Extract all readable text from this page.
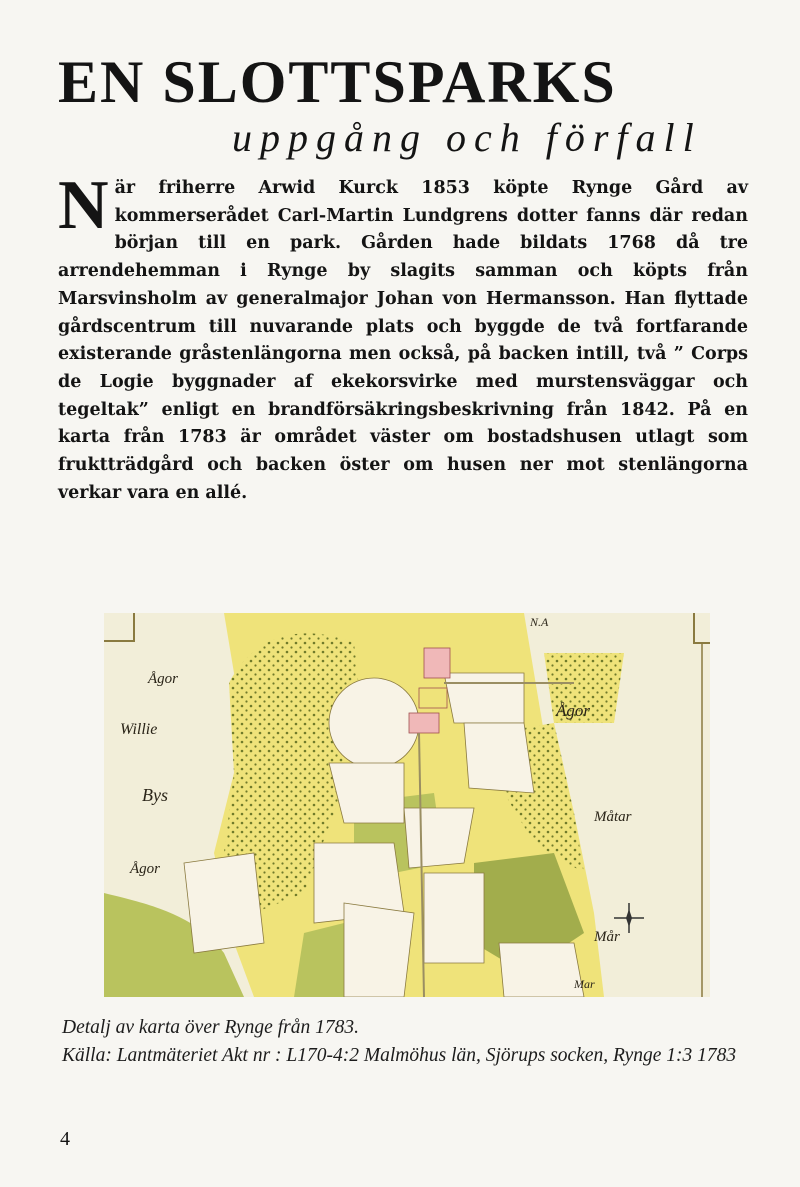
EN SLOTTSPARKS
uppgång och förfall

När friherre Arwid Kurck 1853 köpte Rynge Gård av kommerserådet Carl-Martin Lundgrens dotter fanns där redan början till en park. Gården hade bildats 1768 då tre arrendehemman i Rynge by slagits samman och köpts från Marsvinsholm av generalmajor Johan von Hermansson. Han flyttade gårdscentrum till nuvarande plats och byggde de två fortfarande existerande gråstenlängorna men också, på backen intill, två ” Corps de Logie byggnader af ekekorsvirke med murstensväggar och tegeltak” enligt en brandförsäkringsbeskrivning från 1842. På en karta från 1783 är området väster om bostadshusen utlagt som fruktträdgård och backen öster om husen ner mot stenlängorna verkar vara en allé.

Ågor
Willie
Bys
Ågor
Ågor
Måtar
Mår
N.A
Mar

Detalj av karta över Rynge från 1783.
Källa: Lantmäteriet Akt nr : L170-4:2 Malmöhus län, Sjörups socken, Rynge 1:3 1783

4
